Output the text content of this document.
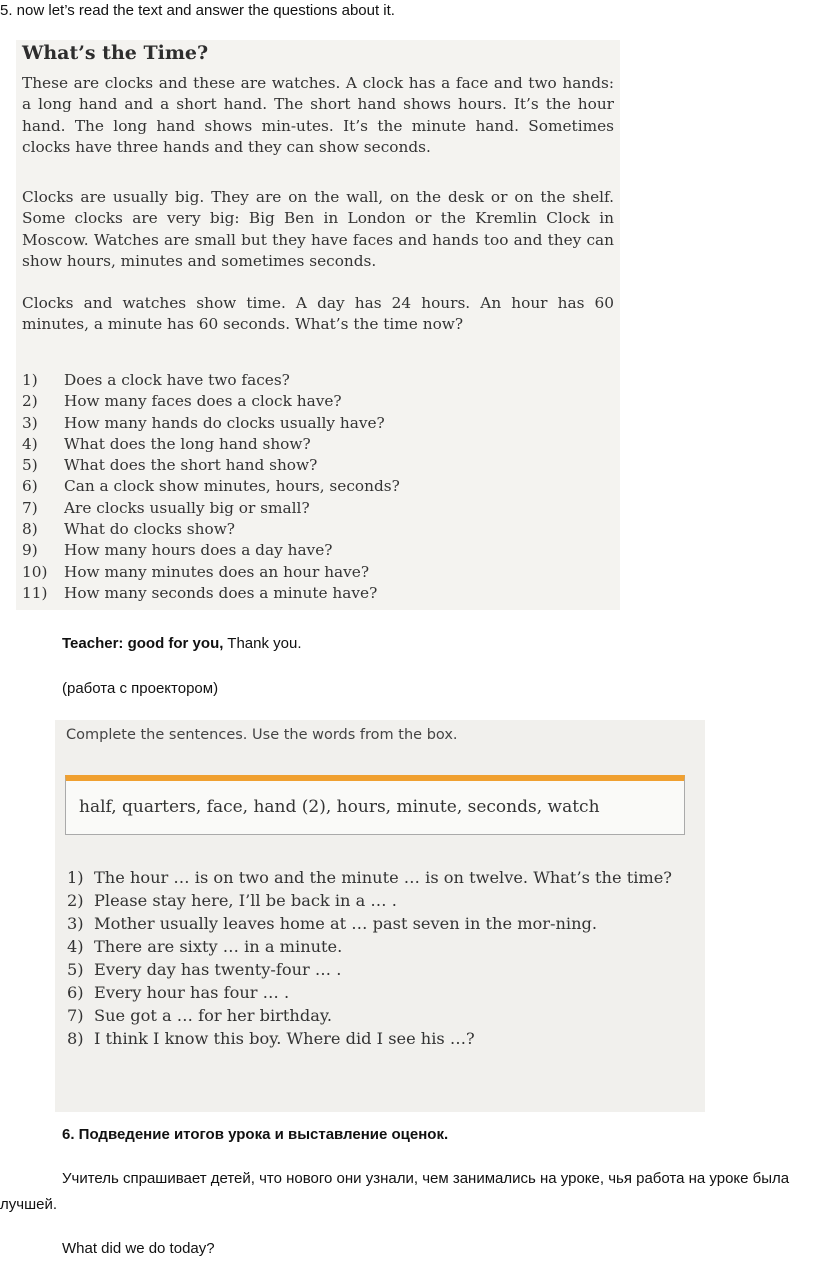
5. now let’s read the text and answer the questions about it.
What’s the Time?

These are clocks and these are watches. A clock has a face and two hands: a long hand and a short hand. The short hand shows hours. It’s the hour hand. The long hand shows min-utes. It’s the minute hand. Sometimes clocks have three hands and they can show seconds.

Clocks are usually big. They are on the wall, on the desk or on the shelf. Some clocks are very big: Big Ben in London or the Kremlin Clock in Moscow. Watches are small but they have faces and hands too and they can show hours, minutes and sometimes seconds.

Clocks and watches show time. A day has 24 hours. An hour has 60 minutes, a minute has 60 seconds. What’s the time now?

1) Does a clock have two faces?
2) How many faces does a clock have?
3) How many hands do clocks usually have?
4) What does the long hand show?
5) What does the short hand show?
6) Can a clock show minutes, hours, seconds?
7) Are clocks usually big or small?
8) What do clocks show?
9) How many hours does a day have?
10) How many minutes does an hour have?
11) How many seconds does a minute have?
Teacher: good for you, Thank you.
(работа с проектором)
Complete the sentences. Use the words from the box.
half, quarters, face, hand (2), hours, minute, seconds, watch
1) The hour … is on two and the minute … is on twelve. What’s the time?
2) Please stay here, I’ll be back in a … .
3) Mother usually leaves home at … past seven in the mor-ning.
4) There are sixty … in a minute.
5) Every day has twenty-four … .
6) Every hour has four … .
7) Sue got a … for her birthday.
8) I think I know this boy. Where did I see his …?
6. Подведение итогов урока и выставление оценок.
Учитель спрашивает детей, что нового они узнали, чем занимались на уроке, чья работа на уроке была лучшей.
What did we do today?
